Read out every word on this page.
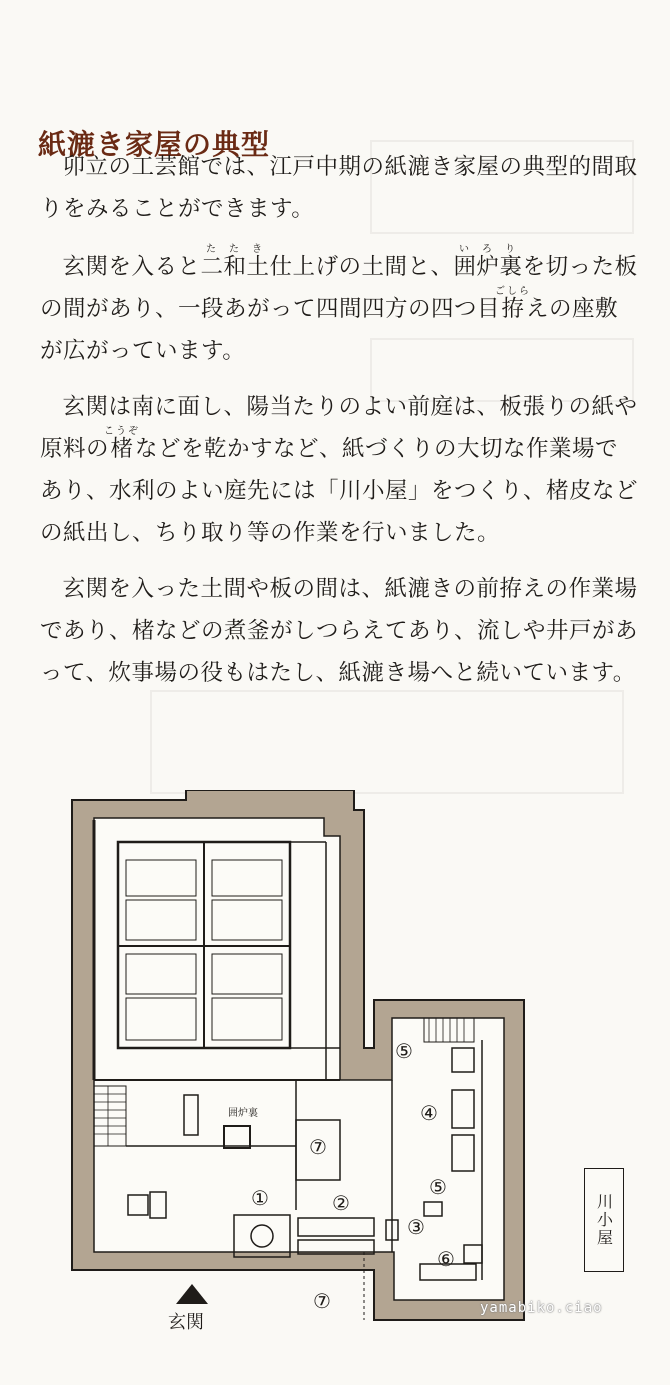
紙漉き家屋の典型

卯立の工芸館では、江戸中期の紙漉き家屋の典型的間取りをみることができます。

玄関を入ると二和土たたき仕上げの土間と、囲炉裏いろりを切った板の間があり、一段あがって四間四方の四つ目拵ごしらえの座敷が広がっています。

玄関は南に面し、陽当たりのよい前庭は、板張りの紙や原料の楮こうぞなどを乾かすなど、紙づくりの大切な作業場であり、水利のよい庭先には「川小屋」をつくり、楮皮などの紙出し、ちり取り等の作業を行いました。

玄関を入った土間や板の間は、紙漉きの前拵えの作業場であり、楮などの煮釜がしつらえてあり、流しや井戸があって、炊事場の役もはたし、紙漉き場へと続いています。

囲炉裏
①	②
③
④
⑤
⑤
⑥
⑦
⑦
玄関
川小屋
yamabiko.ciao
